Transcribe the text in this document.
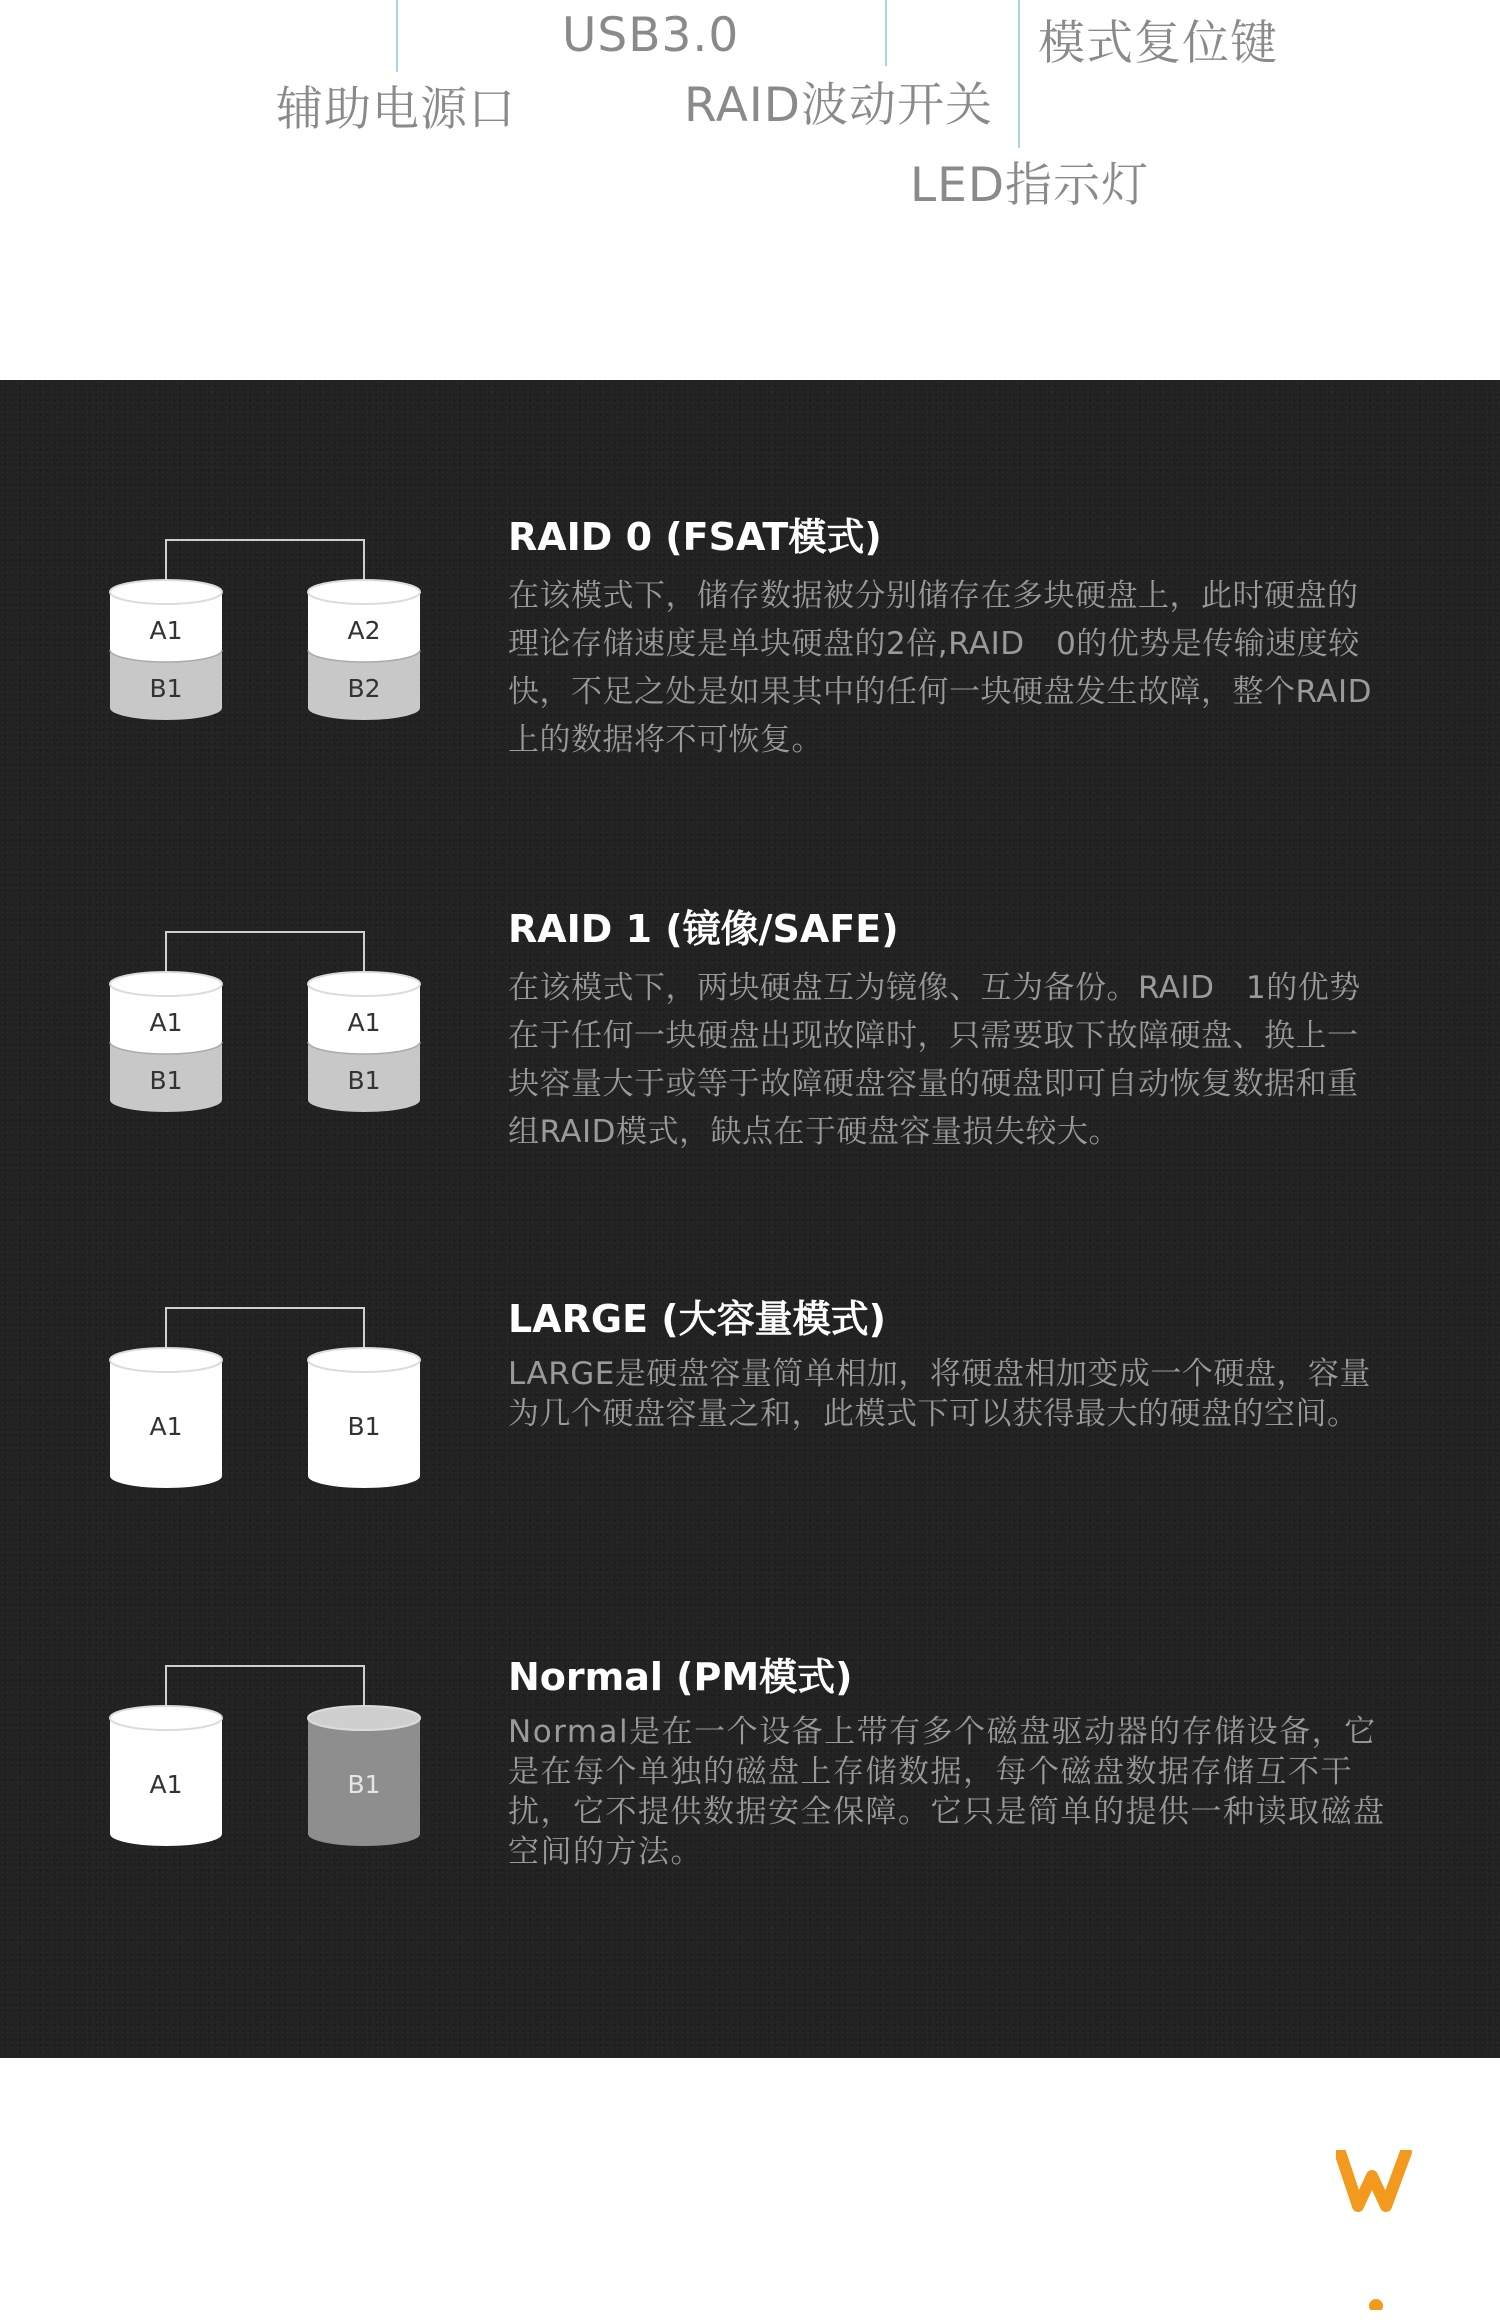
USB3.0
辅助电源口	RAID波动开关
模式复位键
LED指示灯
A1
B1
A2
B2
RAID 0 (FSAT模式)
在该模式下，储存数据被分别储存在多块硬盘上，此时硬盘的理论存储速度是单块硬盘的2倍,RAID　0的优势是传输速度较快，不足之处是如果其中的任何一块硬盘发生故障，整个RAID上的数据将不可恢复。
A1
B1
A1
B1
RAID 1 (镜像/SAFE)
在该模式下，两块硬盘互为镜像、互为备份。RAID　1的优势在于任何一块硬盘出现故障时，只需要取下故障硬盘、换上一块容量大于或等于故障硬盘容量的硬盘即可自动恢复数据和重组RAID模式，缺点在于硬盘容量损失较大。
A1	B1
LARGE (大容量模式)
LARGE是硬盘容量简单相加，将硬盘相加变成一个硬盘，容量为几个硬盘容量之和，此模式下可以获得最大的硬盘的空间。
A1	B1
Normal (PM模式)
Normal是在一个设备上带有多个磁盘驱动器的存储设备，它是在每个单独的磁盘上存储数据，每个磁盘数据存储互不干扰，它不提供数据安全保障。它只是简单的提供一种读取磁盘空间的方法。
